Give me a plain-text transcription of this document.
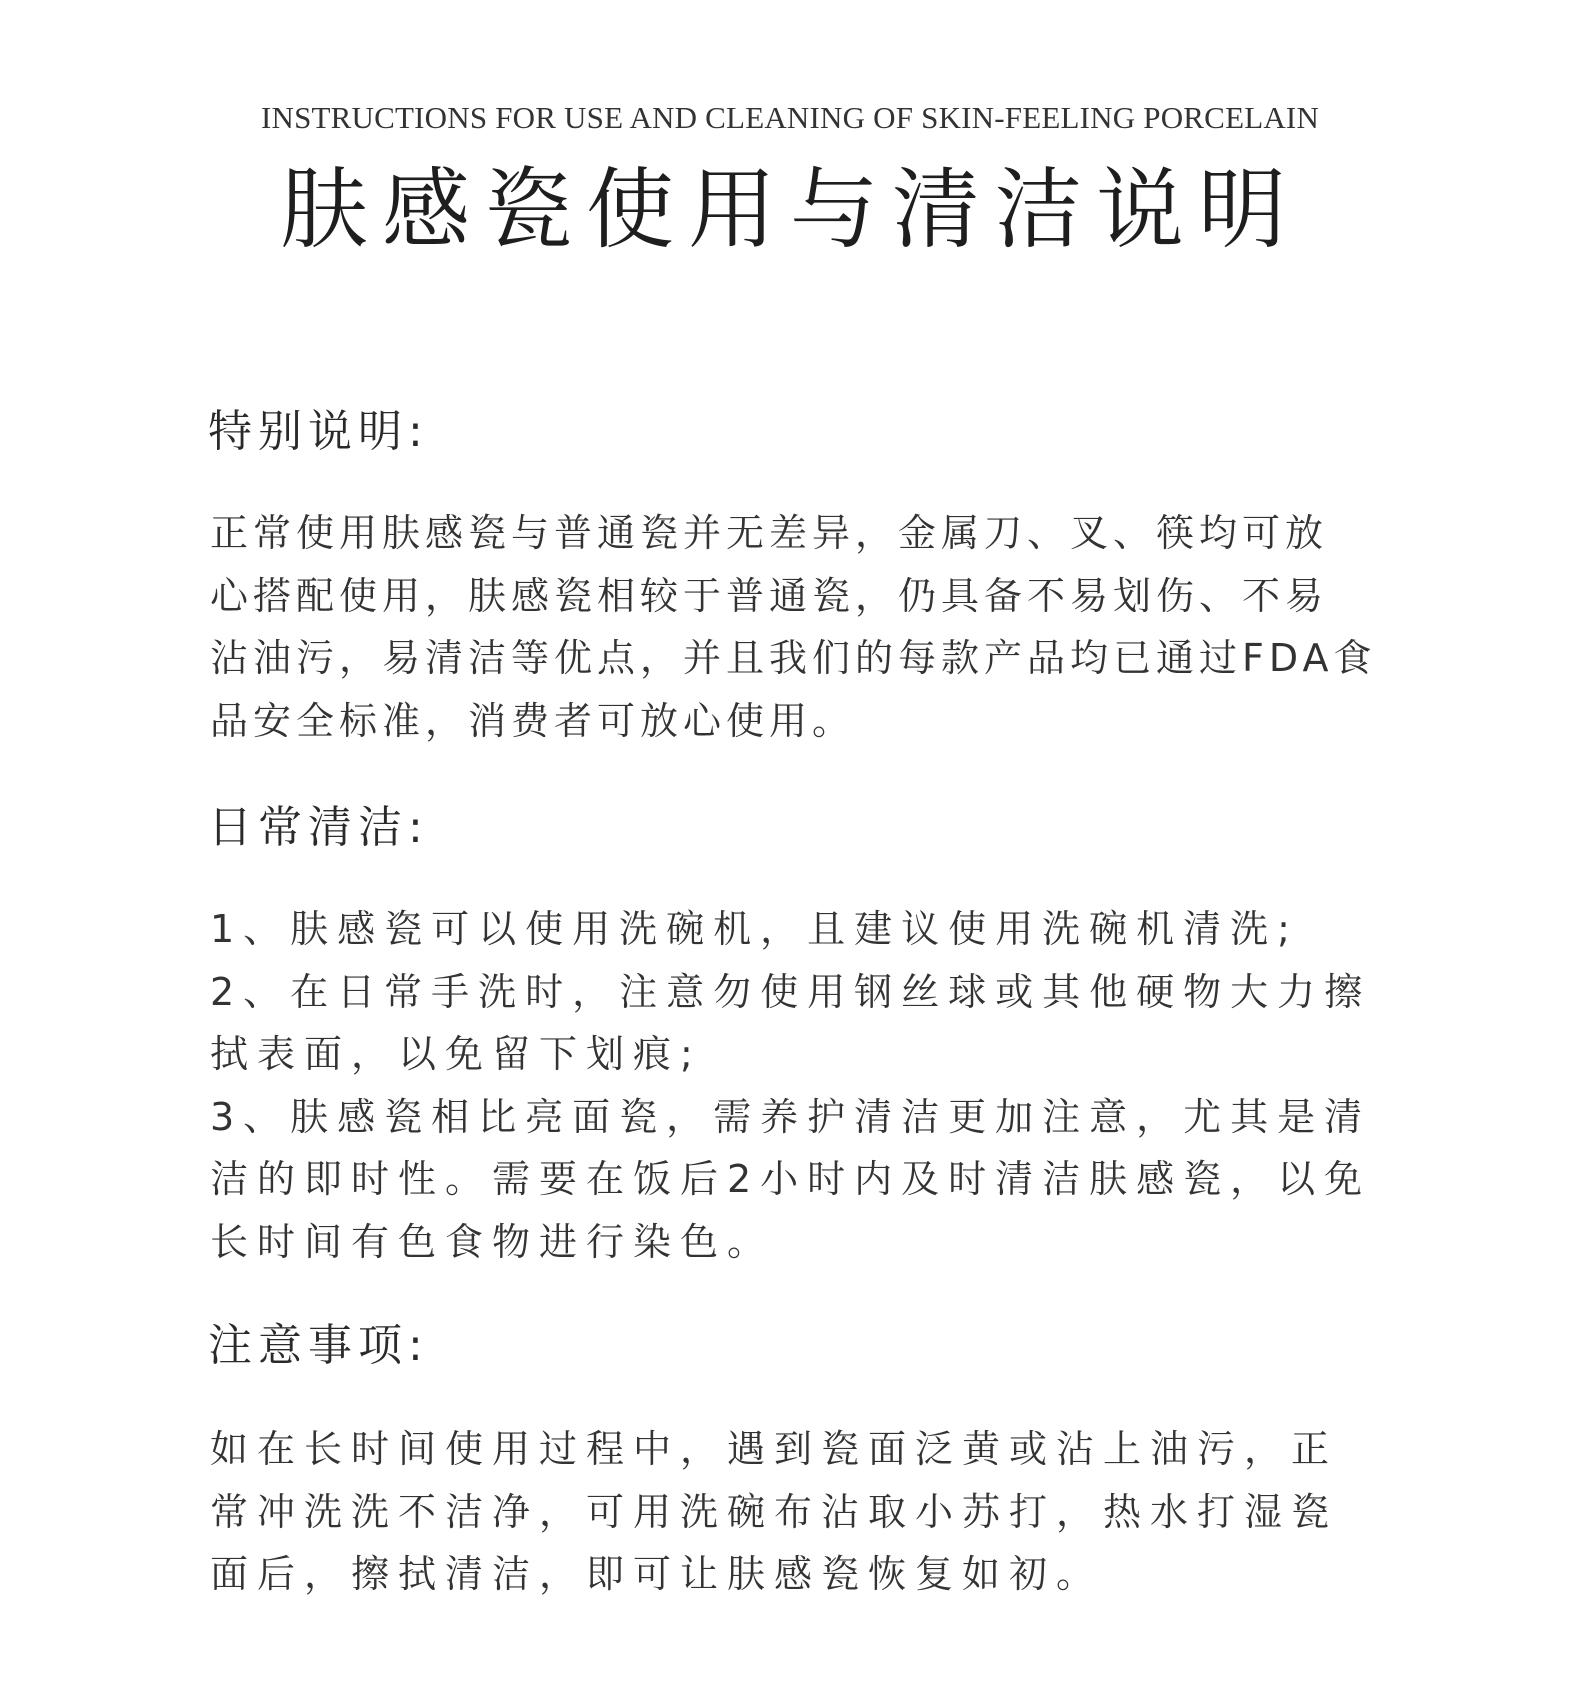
INSTRUCTIONS FOR USE AND CLEANING OF SKIN-FEELING PORCELAIN
肤感瓷使用与清洁说明
特别说明:
正常使用肤感瓷与普通瓷并无差异，金属刀、叉、筷均可放
心搭配使用，肤感瓷相较于普通瓷，仍具备不易划伤、不易
沾油污，易清洁等优点，并且我们的每款产品均已通过FDA食
品安全标准，消费者可放心使用。
日常清洁:
1、肤感瓷可以使用洗碗机，且建议使用洗碗机清洗;
2、在日常手洗时，注意勿使用钢丝球或其他硬物大力擦
拭表面，以免留下划痕;
3、肤感瓷相比亮面瓷，需养护清洁更加注意，尤其是清
洁的即时性。需要在饭后2小时内及时清洁肤感瓷，以免
长时间有色食物进行染色。
注意事项:
如在长时间使用过程中，遇到瓷面泛黄或沾上油污，正
常冲洗洗不洁净，可用洗碗布沾取小苏打，热水打湿瓷
面后，擦拭清洁，即可让肤感瓷恢复如初。
